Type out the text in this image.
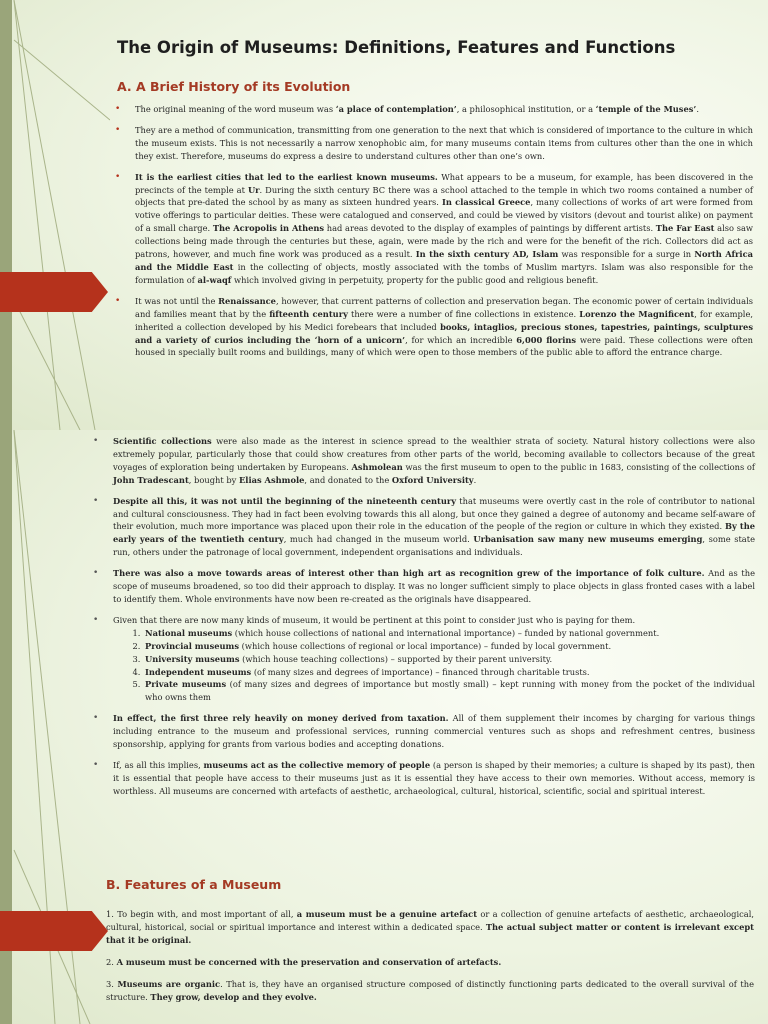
The Origin of Museums: Definitions, Features and Functions
A. A Brief History of its Evolution

• The original meaning of the word museum was ‘a place of contemplation’, a philosophical institution, or a ‘temple of the Muses’.

• They are a method of communication, transmitting from one generation to the next that which is considered of importance to the culture in which the museum exists. This is not necessarily a narrow xenophobic aim, for many museums contain items from cultures other than the one in which they exist. Therefore, museums do express a desire to understand cultures other than one’s own.

• It is the earliest cities that led to the earliest known museums. What appears to be a museum, for example, has been discovered in the precincts of the temple at Ur. During the sixth century BC there was a school attached to the temple in which two rooms contained a number of objects that pre-dated the school by as many as sixteen hundred years. In classical Greece, many collections of works of art were formed from votive offerings to particular deities. These were catalogued and conserved, and could be viewed by visitors (devout and tourist alike) on payment of a small charge. The Acropolis in Athens had areas devoted to the display of examples of paintings by different artists. The Far East also saw collections being made through the centuries but these, again, were made by the rich and were for the benefit of the rich. Collectors did act as patrons, however, and much fine work was produced as a result. In the sixth century AD, Islam was responsible for a surge in North Africa and the Middle East in the collecting of objects, mostly associated with the tombs of Muslim martyrs. Islam was also responsible for the formulation of al-waqf which involved giving in perpetuity, property for the public good and religious benefit.

• It was not until the Renaissance, however, that current patterns of collection and preservation began. The economic power of certain individuals and families meant that by the fifteenth century there were a number of fine collections in existence. Lorenzo the Magnificent, for example, inherited a collection developed by his Medici forebears that included books, intaglios, precious stones, tapestries, paintings, sculptures and a variety of curios including the ‘horn of a unicorn’, for which an incredible 6,000 florins were paid. These collections were often housed in specially built rooms and buildings, many of which were open to those members of the public able to afford the entrance charge.

• Scientific collections were also made as the interest in science spread to the wealthier strata of society. Natural history collections were also extremely popular, particularly those that could show creatures from other parts of the world, becoming available to collectors because of the great voyages of exploration being undertaken by Europeans. Ashmolean was the first museum to open to the public in 1683, consisting of the collections of John Tradescant, bought by Elias Ashmole, and donated to the Oxford University.

• Despite all this, it was not until the beginning of the nineteenth century that museums were overtly cast in the role of contributor to national and cultural consciousness. They had in fact been evolving towards this all along, but once they gained a degree of autonomy and became self-aware of their evolution, much more importance was placed upon their role in the education of the people of the region or culture in which they existed. By the early years of the twentieth century, much had changed in the museum world. Urbanisation saw many new museums emerging, some state run, others under the patronage of local government, independent organisations and individuals.

• There was also a move towards areas of interest other than high art as recognition grew of the importance of folk culture. And as the scope of museums broadened, so too did their approach to display. It was no longer sufficient simply to place objects in glass fronted cases with a label to identify them. Whole environments have now been re-created as the originals have disappeared.

• Given that there are now many kinds of museum, it would be pertinent at this point to consider just who is paying for them.

1. National museums (which house collections of national and international importance) – funded by national government.
2. Provincial museums (which house collections of regional or local importance) – funded by local government.
3. University museums (which house teaching collections) – supported by their parent university.
4. Independent museums (of many sizes and degrees of importance) – financed through charitable trusts.
5. Private museums (of many sizes and degrees of importance but mostly small) – kept running with money from the pocket of the individual who owns them

• In effect, the first three rely heavily on money derived from taxation. All of them supplement their incomes by charging for various things including entrance to the museum and professional services, running commercial ventures such as shops and refreshment centres, business sponsorship, applying for grants from various bodies and accepting donations.

• If, as all this implies, museums act as the collective memory of people (a person is shaped by their memories; a culture is shaped by its past), then it is essential that people have access to their museums just as it is essential they have access to their own memories. Without access, memory is worthless. All museums are concerned with artefacts of aesthetic, archaeological, cultural, historical, scientific, social and spiritual interest.

B. Features of a Museum

1. To begin with, and most important of all, a museum must be a genuine artefact or a collection of genuine artefacts of aesthetic, archaeological, cultural, historical, social or spiritual importance and interest within a dedicated space. The actual subject matter or content is irrelevant except that it be original.

2. A museum must be concerned with the preservation and conservation of artefacts.

3. Museums are organic. That is, they have an organised structure composed of distinctly functioning parts dedicated to the overall survival of the structure. They grow, develop and they evolve.
